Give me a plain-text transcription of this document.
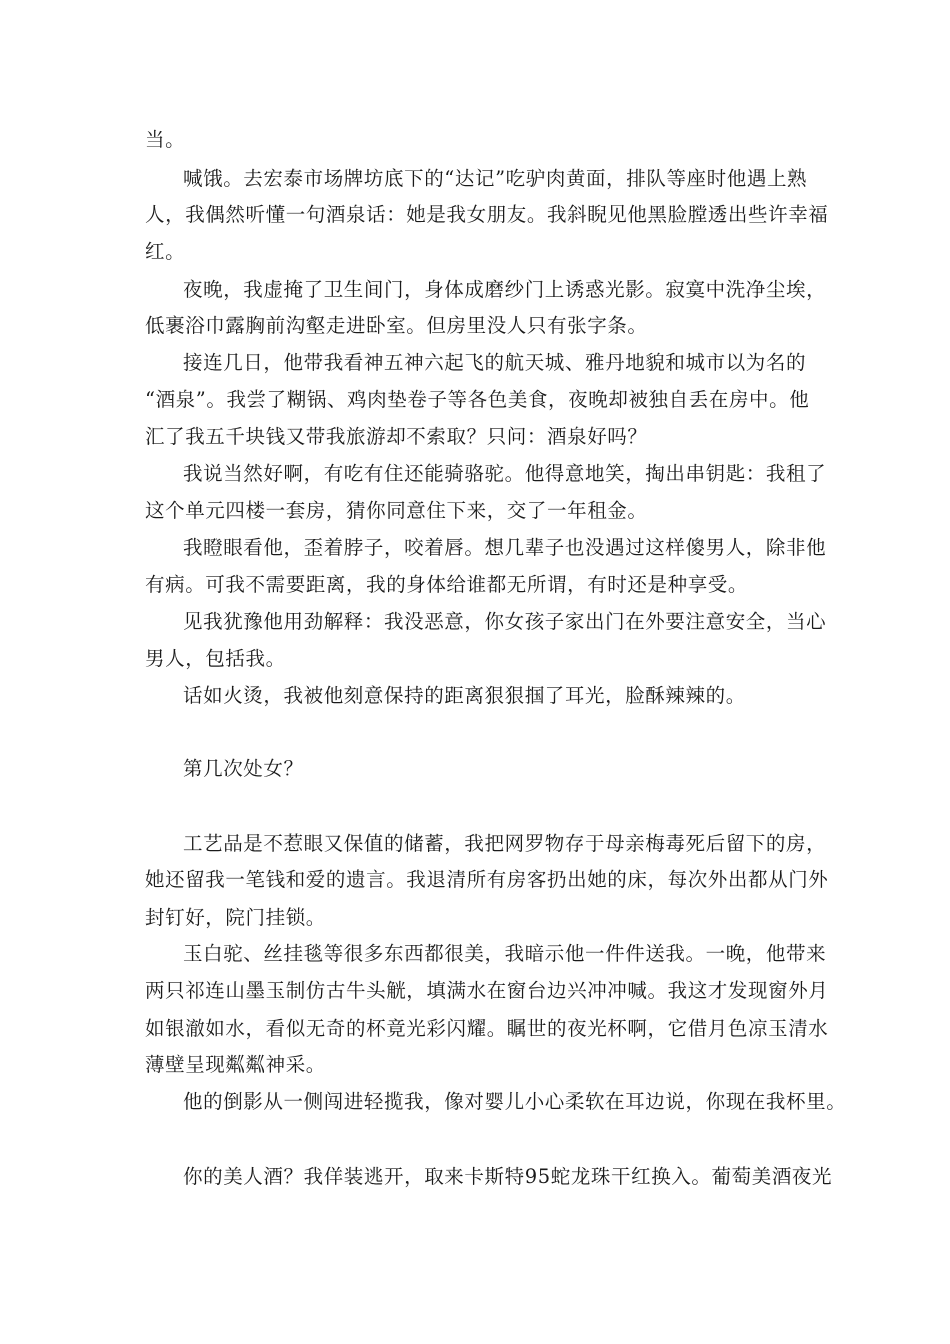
当。
喊饿。去宏泰市场牌坊底下的“达记”吃驴肉黄面，排队等座时他遇上熟
人，我偶然听懂一句酒泉话：她是我女朋友。我斜睨见他黑脸膛透出些许幸福
红。
夜晚，我虚掩了卫生间门，身体成磨纱门上诱惑光影。寂寞中洗净尘埃，
低裹浴巾露胸前沟壑走进卧室。但房里没人只有张字条。
接连几日，他带我看神五神六起飞的航天城、雅丹地貌和城市以为名的
“酒泉”。我尝了糊锅、鸡肉垫卷子等各色美食，夜晚却被独自丢在房中。他
汇了我五千块钱又带我旅游却不索取？只问：酒泉好吗？
我说当然好啊，有吃有住还能骑骆驼。他得意地笑，掏出串钥匙：我租了
这个单元四楼一套房，猜你同意住下来，交了一年租金。
我瞪眼看他，歪着脖子，咬着唇。想几辈子也没遇过这样傻男人，除非他
有病。可我不需要距离，我的身体给谁都无所谓，有时还是种享受。
见我犹豫他用劲解释：我没恶意，你女孩子家出门在外要注意安全，当心
男人，包括我。
话如火烫，我被他刻意保持的距离狠狠掴了耳光，脸酥辣辣的。
第几次处女？
工艺品是不惹眼又保值的储蓄，我把网罗物存于母亲梅毒死后留下的房，
她还留我一笔钱和爱的遗言。我退清所有房客扔出她的床，每次外出都从门外
封钉好，院门挂锁。
玉白驼、丝挂毯等很多东西都很美，我暗示他一件件送我。一晚，他带来
两只祁连山墨玉制仿古牛头觥，填满水在窗台边兴冲冲喊。我这才发现窗外月
如银澈如水，看似无奇的杯竟光彩闪耀。瞩世的夜光杯啊，它借月色凉玉清水
薄壁呈现粼粼神采。
他的倒影从一侧闯进轻揽我，像对婴儿小心柔软在耳边说，你现在我杯里。
你的美人酒？我佯装逃开，取来卡斯特95蛇龙珠干红换入。葡萄美酒夜光
